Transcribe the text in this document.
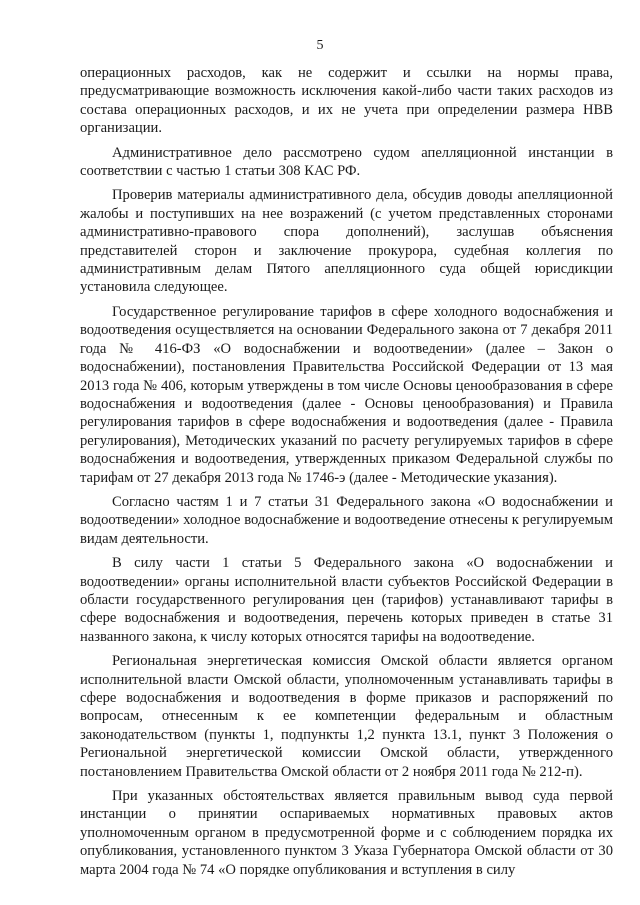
5

операционных расходов, как не содержит и ссылки на нормы права, предусматривающие возможность исключения какой-либо части таких расходов из состава операционных расходов, и их не учета при определении размера НВВ организации.

Административное дело рассмотрено судом апелляционной инстанции в соответствии с частью 1 статьи 308 КАС РФ.

Проверив материалы административного дела, обсудив доводы апелляционной жалобы и поступивших на нее возражений (с учетом представленных сторонами административно-правового спора дополнений), заслушав объяснения представителей сторон и заключение прокурора, судебная коллегия по административным делам Пятого апелляционного суда общей юрисдикции установила следующее.

Государственное регулирование тарифов в сфере холодного водоснабжения и водоотведения осуществляется на основании Федерального закона от 7 декабря 2011 года № 416-ФЗ «О водоснабжении и водоотведении» (далее – Закон о водоснабжении), постановления Правительства Российской Федерации от 13 мая 2013 года № 406, которым утверждены в том числе Основы ценообразования в сфере водоснабжения и водоотведения (далее - Основы ценообразования) и Правила регулирования тарифов в сфере водоснабжения и водоотведения (далее - Правила регулирования), Методических указаний по расчету регулируемых тарифов в сфере водоснабжения и водоотведения, утвержденных приказом Федеральной службы по тарифам от 27 декабря 2013 года № 1746-э (далее - Методические указания).

Согласно частям 1 и 7 статьи 31 Федерального закона «О водоснабжении и водоотведении» холодное водоснабжение и водоотведение отнесены к регулируемым видам деятельности.

В силу части 1 статьи 5 Федерального закона «О водоснабжении и водоотведении» органы исполнительной власти субъектов Российской Федерации в области государственного регулирования цен (тарифов) устанавливают тарифы в сфере водоснабжения и водоотведения, перечень которых приведен в статье 31 названного закона, к числу которых относятся тарифы на водоотведение.

Региональная энергетическая комиссия Омской области является органом исполнительной власти Омской области, уполномоченным устанавливать тарифы в сфере водоснабжения и водоотведения в форме приказов и распоряжений по вопросам, отнесенным к ее компетенции федеральным и областным законодательством (пункты 1, подпункты 1,2 пункта 13.1, пункт 3 Положения о Региональной энергетической комиссии Омской области, утвержденного постановлением Правительства Омской области от 2 ноября 2011 года № 212-п).

При указанных обстоятельствах является правильным вывод суда первой инстанции о принятии оспариваемых нормативных правовых актов уполномоченным органом в предусмотренной форме и с соблюдением порядка их опубликования, установленного пунктом 3 Указа Губернатора Омской области от 30 марта 2004 года № 74 «О порядке опубликования и вступления в силу
